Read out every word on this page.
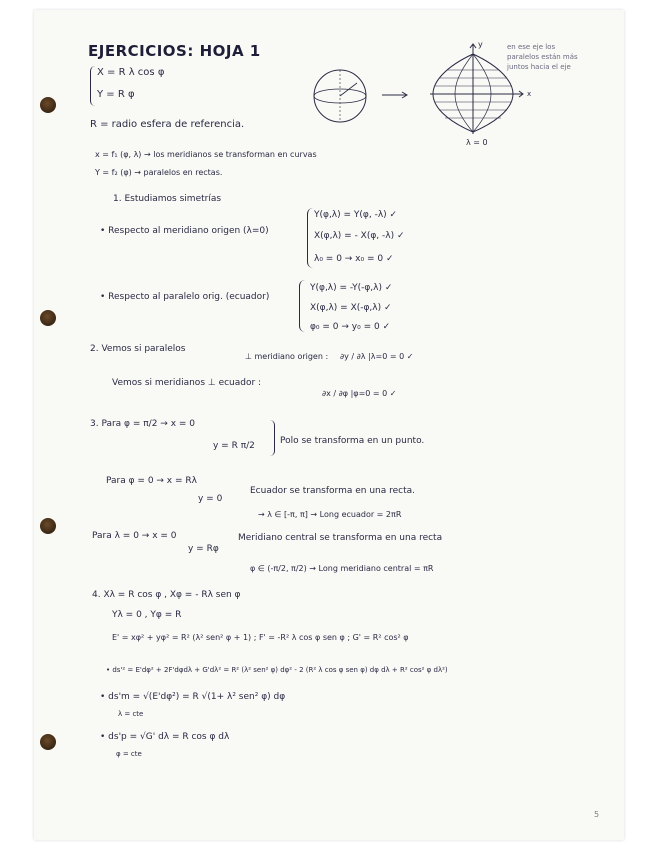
EJERCICIOS: HOJA 1
X = R λ cos φ
Y = R φ
y
x
λ = 0
en ese eje los paralelos están más juntos hacia el eje
R = radio esfera de referencia.
x = f₁ (φ, λ) → los meridianos se transforman en curvas
Y = f₂ (φ) → paralelos en rectas.
1. Estudiamos simetrías
• Respecto al meridiano origen (λ=0)
Y(φ,λ) = Y(φ, -λ) ✓
X(φ,λ) = - X(φ, -λ) ✓
λ₀ = 0 → x₀ = 0 ✓
• Respecto al paralelo orig. (ecuador)
Y(φ,λ) = -Y(-φ,λ) ✓
X(φ,λ) = X(-φ,λ) ✓
φ₀ = 0 → y₀ = 0 ✓
2. Vemos si paralelos
⊥ meridiano origen : ∂y / ∂λ |λ=0 = 0 ✓
Vemos si meridianos ⊥ ecuador :
∂x / ∂φ |φ=0 = 0 ✓
3. Para φ = π/2 → x = 0
y = R π/2	Polo se transforma en un punto.
Para φ = 0 → x = Rλ
y = 0
Ecuador se transforma en una recta.
→ λ ∈ [-π, π] → Long ecuador = 2πR
Para λ = 0 → x = 0
y = Rφ
Meridiano central se transforma en una recta
φ ∈ (-π/2, π/2) → Long meridiano central = πR
4. Xλ = R cos φ , Xφ = - Rλ sen φ
Yλ = 0 , Yφ = R
E' = xφ² + yφ² = R² (λ² sen² φ + 1) ; F' = -R² λ cos φ sen φ ; G' = R² cos² φ
• ds'² = E'dφ² + 2F'dφdλ + G'dλ² = R² (λ² sen² φ) dφ² - 2 (R² λ cos φ sen φ) dφ dλ + R² cos² φ dλ²)
• ds'm = √(E'dφ²) = R √(1+ λ² sen² φ) dφ
λ = cte
• ds'p = √G' dλ = R cos φ dλ
φ = cte
5
